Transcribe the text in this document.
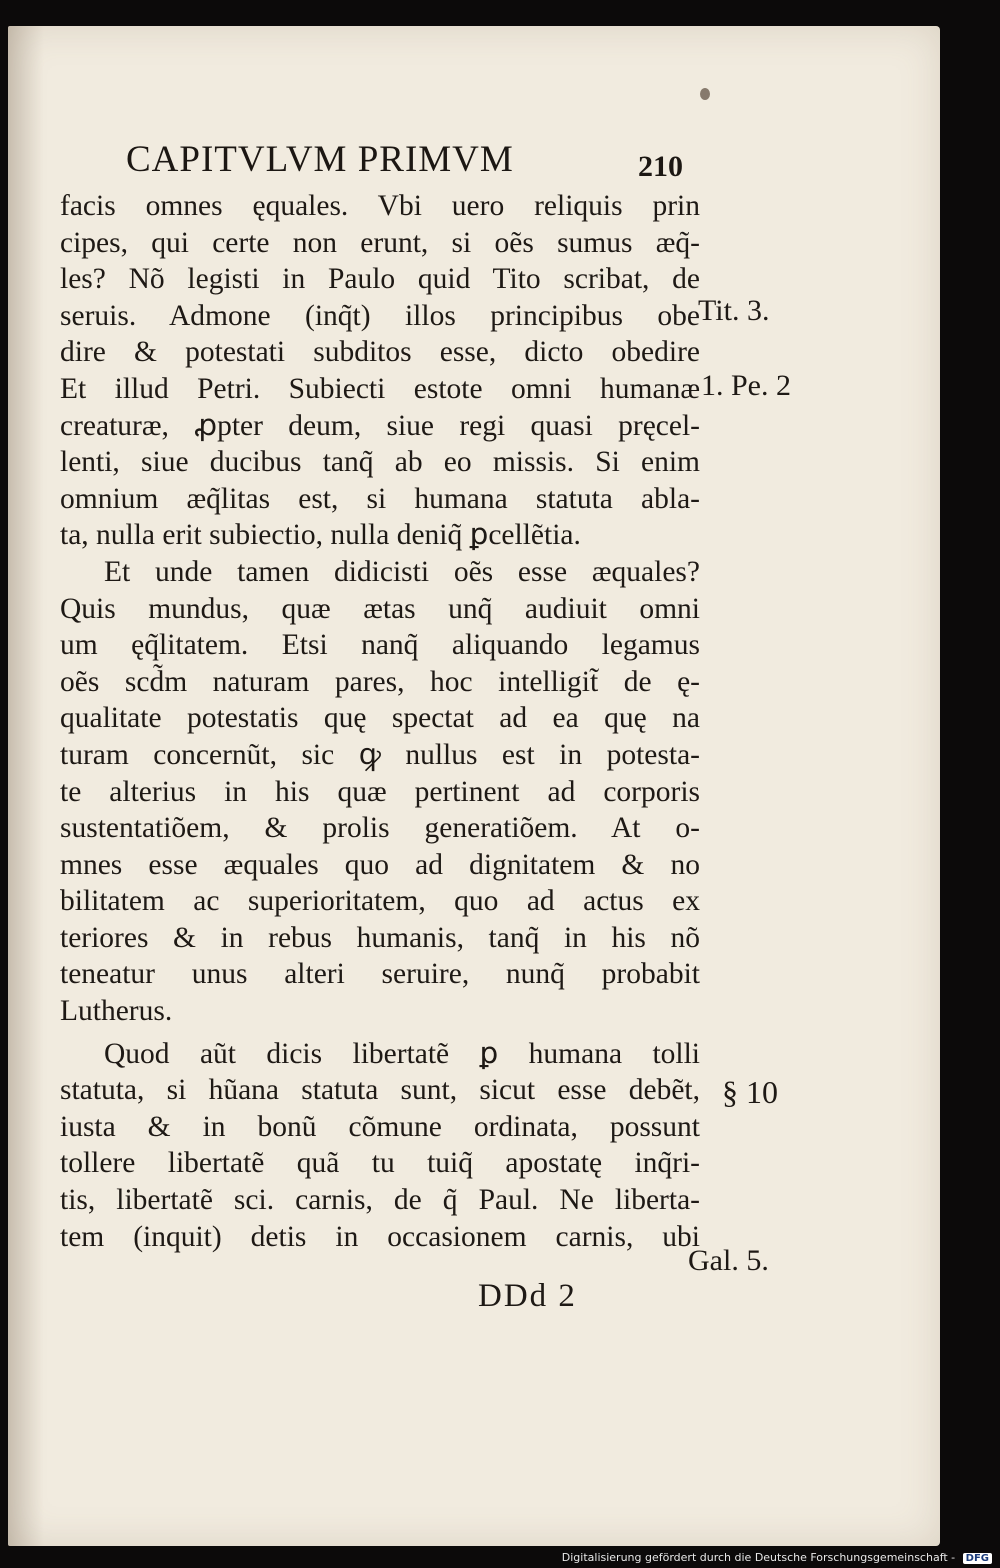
CAPITVLVM PRIMVM	210
facis omnes ęquales. Vbi uero reliquis prin
cipes, qui certe non erunt, si oẽs sumus æq̃-
les? Nõ legisti in Paulo quid Tito scribat, de
seruis. Admone (inq̃t) illos principibus obe
dire & potestati subditos esse, dicto obedire
Et illud Petri. Subiecti estote omni humanæ
creaturæ, ꝓpter deum, siue regi quasi pręcel-
lenti, siue ducibus tanq̃ ab eo missis. Si enim
omnium æq̃litas est, si humana statuta abla-
ta, nulla erit subiectio, nulla deniq̃ ꝑcellẽtia.
Et unde tamen didicisti oẽs esse æquales?
Quis mundus, quæ ætas unq̃ audiuit omni
um ęq̃litatem. Etsi nanq̃ aliquando legamus
oẽs scd̃m naturam pares, hoc intelligit̃ de ę-
qualitate potestatis quę spectat ad ea quę na
turam concernũt, sic ꝙ nullus est in potesta-
te alterius in his quæ pertinent ad corporis
sustentatiõem, & prolis generatiõem. At o-
mnes esse æquales quo ad dignitatem & no
bilitatem ac superioritatem, quo ad actus ex
teriores & in rebus humanis, tanq̃ in his nõ
teneatur unus alteri seruire, nunq̃ probabit
Lutherus.
Quod aũt dicis libertatẽ ꝑ humana tolli
statuta, si hũana statuta sunt, sicut esse debẽt,
iusta & in bonũ cõmune ordinata, possunt
tollere libertatẽ quã tu tuiq̃ apostatę inq̃ri-
tis, libertatẽ sci. carnis, de q̃ Paul. Ne liberta-
tem (inquit) detis in occasionem carnis, ubi
Tit. 3.
1. Pe. 2
§ 10
Gal. 5.
DDd 2
Digitalisierung gefördert durch die Deutsche Forschungsgemeinschaft - DFG
